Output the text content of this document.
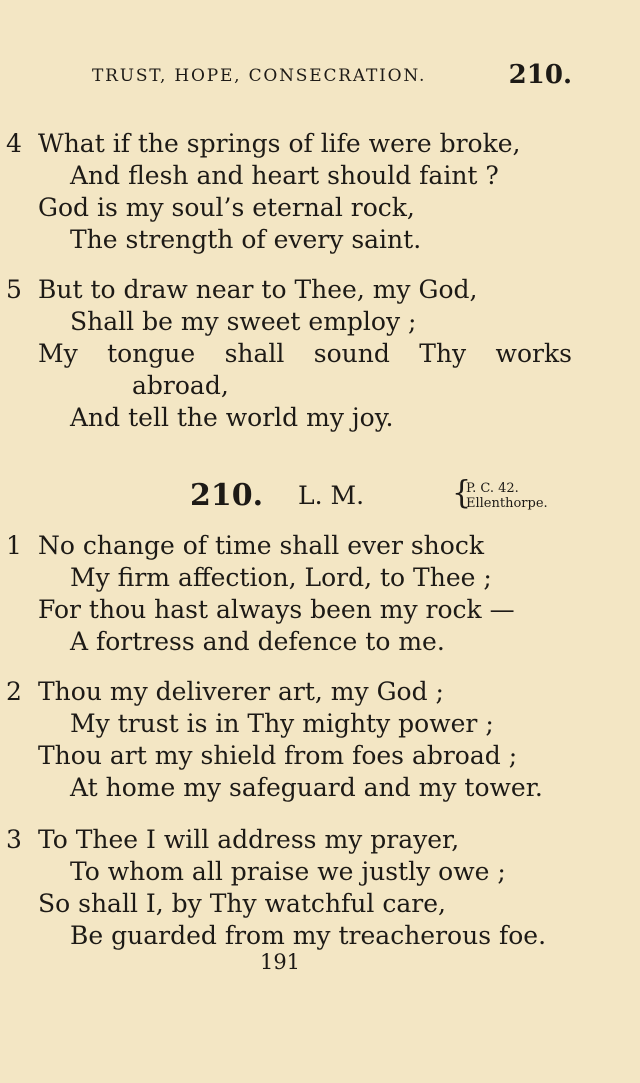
TRUST, HOPE, CONSECRATION.	210.
4 What if the springs of life were broke,
And flesh and heart should faint ?
God is my soul’s eternal rock,
The strength of every saint.
5 But to draw near to Thee, my God,
Shall be my sweet employ ;
My tongue shall sound Thy works
abroad,
And tell the world my joy.
210. L. M.	{
P. C. 42.
Ellenthorpe.
1 No change of time shall ever shock
My firm affection, Lord, to Thee ;
For thou hast always been my rock —
A fortress and defence to me.
2 Thou my deliverer art, my God ;
My trust is in Thy mighty power ;
Thou art my shield from foes abroad ;
At home my safeguard and my tower.
3 To Thee I will address my prayer,
To whom all praise we justly owe ;
So shall I, by Thy watchful care,
Be guarded from my treacherous foe.
191
